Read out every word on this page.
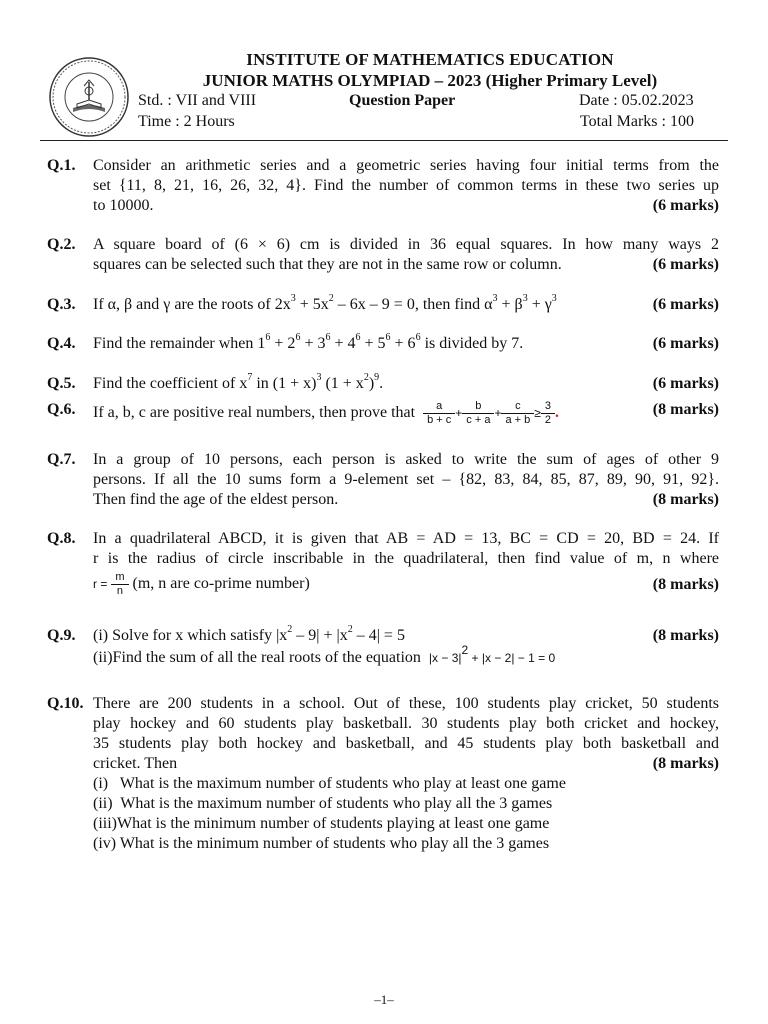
INSTITUTE OF MATHEMATICS EDUCATION
JUNIOR MATHS OLYMPIAD – 2023 (Higher Primary Level)
Std. : VII and VIII	Question Paper	Date : 05.02.2023
Time : 2 Hours	Total Marks : 100
Q.1. Consider an arithmetic series and a geometric series having four initial terms from the

set {11, 8, 21, 16, 26, 32, 4}. Find the number of common terms in these two series up

to 10000.	(6 marks)

Q.2. A square board of (6 × 6) cm is divided in 36 equal squares. In how many ways 2

squares can be selected such that they are not in the same row or column.	(6 marks)

Q.3. If α, β and γ are the roots of $2x^3 + 5x^2 - 6x - 9 = 0$, then find $\alpha^3 + \beta^3 + \gamma^3$	(6 marks)

Q.4. Find the remainder when $1^6 + 2^6 + 3^6 + 4^6 + 5^6 + 6^6$ is divided by 7.	(6 marks)

Q.5. Find the coefficient of $x^7$ in $(1 + x)^3$ $(1 + x^2)^9$.	(6 marks)

Q.6. If a, b, c are positive real numbers, then prove that $\frac{a}{b + c} + \frac{b}{c + a} + \frac{c}{a + b} \ge \frac{3}{2}$ .	(8 marks)

Q.7. In a group of 10 persons, each person is asked to write the sum of ages of other 9

persons. If all the 10 sums form a 9-element set – {82, 83, 84, 85, 87, 89, 90, 91, 92}.

Then find the age of the eldest person.	(8 marks)

Q.8. In a quadrilateral ABCD, it is given that AB = AD = 13, BC = CD = 20, BD = 24. If

r is the radius of circle inscribable in the quadrilateral, then find value of m, n where

$r = \frac{m}{n} (m$, n are co-prime number)	(8 marks)

Q.9. (i) Solve for x which satisfy $|x^2 - 9| + |x^2 - 4| = 5$	(8 marks)

(ii)Find the sum of all the real roots of the equation $|x - 3|^2 + |x - 2| - 1 = 0$

Q.10. There are 200 students in a school. Out of these, 100 students play cricket, 50 students

play hockey and 60 students play basketball. 30 students play both cricket and hockey,

35 students play both hockey and basketball, and 45 students play both basketball and

cricket. Then	(8 marks)

(i)   What is the maximum number of students who play at least one game

(ii)  What is the maximum number of students who play all the 3 games

(iii)What is the minimum number of students playing at least one game

(iv) What is the minimum number of students who play all the 3 games

–1–
